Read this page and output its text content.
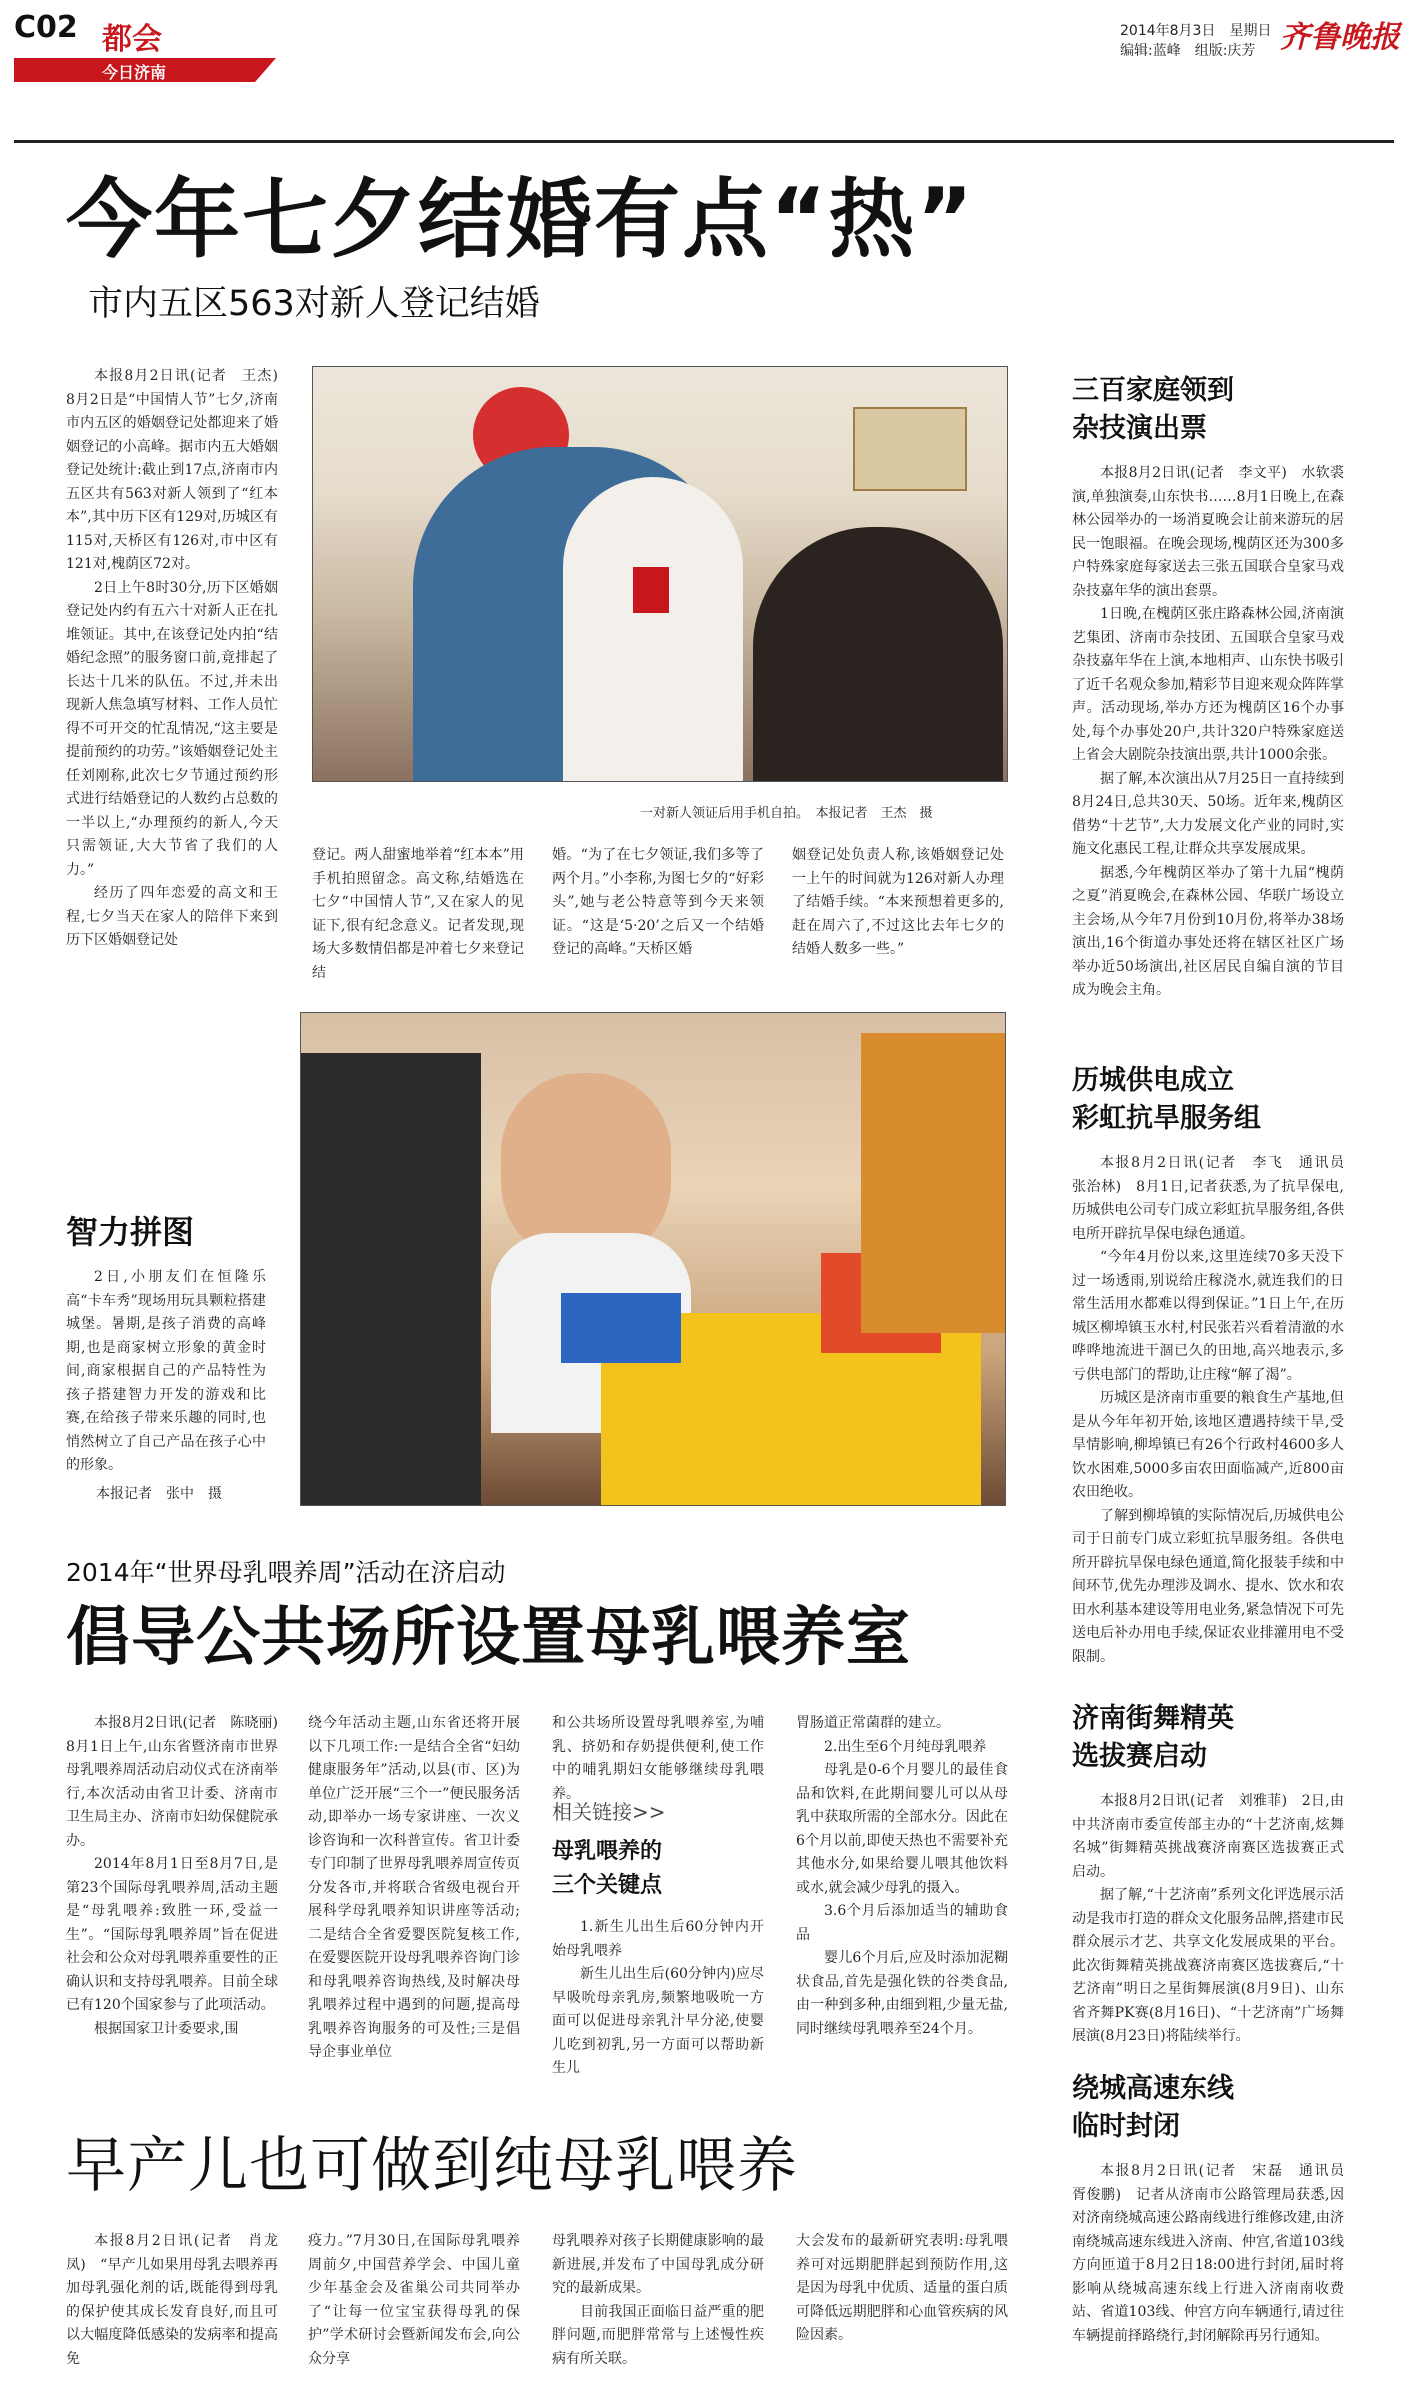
C02 都会
今日济南
2014年8月3日　星期日
编辑:蓝峰　组版:庆芳 齐鲁晚报
今年七夕结婚有点“热”
市内五区563对新人登记结婚

本报8月2日讯(记者　王杰)　8月2日是“中国情人节”七夕,济南市内五区的婚姻登记处都迎来了婚姻登记的小高峰。据市内五大婚姻登记处统计:截止到17点,济南市内五区共有563对新人领到了“红本本”,其中历下区有129对,历城区有115对,天桥区有126对,市中区有121对,槐荫区72对。

2日上午8时30分,历下区婚姻登记处内约有五六十对新人正在扎堆领证。其中,在该登记处内拍“结婚纪念照”的服务窗口前,竟排起了长达十几米的队伍。不过,并未出现新人焦急填写材料、工作人员忙得不可开交的忙乱情况,“这主要是提前预约的功劳。”该婚姻登记处主任刘刚称,此次七夕节通过预约形式进行结婚登记的人数约占总数的一半以上,“办理预约的新人,今天只需领证,大大节省了我们的人力。”

经历了四年恋爱的高文和王程,七夕当天在家人的陪伴下来到历下区婚姻登记处

一对新人领证后用手机自拍。　本报记者　王杰　摄

登记。两人甜蜜地举着“红本本”用手机拍照留念。高文称,结婚选在七夕“中国情人节”,又在家人的见证下,很有纪念意义。记者发现,现场大多数情侣都是冲着七夕来登记结

婚。“为了在七夕领证,我们多等了两个月。”小李称,为图七夕的“好彩头”,她与老公特意等到今天来领证。“这是‘5·20’之后又一个结婚登记的高峰。”天桥区婚

姻登记处负责人称,该婚姻登记处一上午的时间就为126对新人办理了结婚手续。“本来预想着更多的,赶在周六了,不过这比去年七夕的结婚人数多一些。”

智力拼图

2日,小朋友们在恒隆乐高“卡车秀”现场用玩具颗粒搭建城堡。暑期,是孩子消费的高峰期,也是商家树立形象的黄金时间,商家根据自己的产品特性为孩子搭建智力开发的游戏和比赛,在给孩子带来乐趣的同时,也悄然树立了自己产品在孩子心中的形象。

本报记者　张中　摄
2014年“世界母乳喂养周”活动在济启动
倡导公共场所设置母乳喂养室

本报8月2日讯(记者　陈晓丽)　8月1日上午,山东省暨济南市世界母乳喂养周活动启动仪式在济南举行,本次活动由省卫计委、济南市卫生局主办、济南市妇幼保健院承办。

2014年8月1日至8月7日,是第23个国际母乳喂养周,活动主题是“母乳喂养:致胜一环,受益一生”。“国际母乳喂养周”旨在促进社会和公众对母乳喂养重要性的正确认识和支持母乳喂养。目前全球已有120个国家参与了此项活动。

根据国家卫计委要求,围

绕今年活动主题,山东省还将开展以下几项工作:一是结合全省“妇幼健康服务年”活动,以县(市、区)为单位广泛开展“三个一”便民服务活动,即举办一场专家讲座、一次义诊咨询和一次科普宣传。省卫计委专门印制了世界母乳喂养周宣传页分发各市,并将联合省级电视台开展科学母乳喂养知识讲座等活动;二是结合全省爱婴医院复核工作,在爱婴医院开设母乳喂养咨询门诊和母乳喂养咨询热线,及时解决母乳喂养过程中遇到的问题,提高母乳喂养咨询服务的可及性;三是倡导企事业单位

和公共场所设置母乳喂养室,为哺乳、挤奶和存奶提供便利,使工作中的哺乳期妇女能够继续母乳喂养。

相关链接>>
母乳喂养的
三个关键点

1.新生儿出生后60分钟内开始母乳喂养

新生儿出生后(60分钟内)应尽早吸吮母亲乳房,频繁地吸吮一方面可以促进母亲乳汁早分泌,使婴儿吃到初乳,另一方面可以帮助新生儿

胃肠道正常菌群的建立。

2.出生至6个月纯母乳喂养

母乳是0-6个月婴儿的最佳食品和饮料,在此期间婴儿可以从母乳中获取所需的全部水分。因此在6个月以前,即使天热也不需要补充其他水分,如果给婴儿喂其他饮料或水,就会减少母乳的摄入。

3.6个月后添加适当的辅助食品

婴儿6个月后,应及时添加泥糊状食品,首先是强化铁的谷类食品,由一种到多种,由细到粗,少量无盐,同时继续母乳喂养至24个月。

早产儿也可做到纯母乳喂养

本报8月2日讯(记者　肖龙凤)　“早产儿如果用母乳去喂养再加母乳强化剂的话,既能得到母乳的保护使其成长发育良好,而且可以大幅度降低感染的发病率和提高免

疫力。”7月30日,在国际母乳喂养周前夕,中国营养学会、中国儿童少年基金会及雀巢公司共同举办了“让每一位宝宝获得母乳的保护”学术研讨会暨新闻发布会,向公众分享

母乳喂养对孩子长期健康影响的最新进展,并发布了中国母乳成分研究的最新成果。

目前我国正面临日益严重的肥胖问题,而肥胖常常与上述慢性疾病有所关联。

大会发布的最新研究表明:母乳喂养可对远期肥胖起到预防作用,这是因为母乳中优质、适量的蛋白质可降低远期肥胖和心血管疾病的风险因素。

三百家庭领到
杂技演出票

本报8月2日讯(记者　李文平)　水软裘演,单独演奏,山东快书……8月1日晚上,在森林公园举办的一场消夏晚会让前来游玩的居民一饱眼福。在晚会现场,槐荫区还为300多户特殊家庭每家送去三张五国联合皇家马戏杂技嘉年华的演出套票。

1日晚,在槐荫区张庄路森林公园,济南演艺集团、济南市杂技团、五国联合皇家马戏杂技嘉年华在上演,本地相声、山东快书吸引了近千名观众参加,精彩节目迎来观众阵阵掌声。活动现场,举办方还为槐荫区16个办事处,每个办事处20户,共计320户特殊家庭送上省会大剧院杂技演出票,共计1000余张。

据了解,本次演出从7月25日一直持续到8月24日,总共30天、50场。近年来,槐荫区借势“十艺节”,大力发展文化产业的同时,实施文化惠民工程,让群众共享发展成果。

据悉,今年槐荫区举办了第十九届“槐荫之夏”消夏晚会,在森林公园、华联广场设立主会场,从今年7月份到10月份,将举办38场演出,16个街道办事处还将在辖区社区广场举办近50场演出,社区居民自编自演的节目成为晚会主角。

历城供电成立
彩虹抗旱服务组

本报8月2日讯(记者　李飞　通讯员　张治林)　8月1日,记者获悉,为了抗旱保电,历城供电公司专门成立彩虹抗旱服务组,各供电所开辟抗旱保电绿色通道。

“今年4月份以来,这里连续70多天没下过一场透雨,别说给庄稼浇水,就连我们的日常生活用水都难以得到保证。”1日上午,在历城区柳埠镇玉水村,村民张若兴看着清澈的水哗哗地流进干涸已久的田地,高兴地表示,多亏供电部门的帮助,让庄稼“解了渴”。

历城区是济南市重要的粮食生产基地,但是从今年年初开始,该地区遭遇持续干旱,受旱情影响,柳埠镇已有26个行政村4600多人饮水困难,5000多亩农田面临减产,近800亩农田绝收。

了解到柳埠镇的实际情况后,历城供电公司于日前专门成立彩虹抗旱服务组。各供电所开辟抗旱保电绿色通道,简化报装手续和中间环节,优先办理涉及调水、提水、饮水和农田水利基本建设等用电业务,紧急情况下可先送电后补办用电手续,保证农业排灌用电不受限制。

济南街舞精英
选拔赛启动

本报8月2日讯(记者　刘雅菲)　2日,由中共济南市委宣传部主办的“十艺济南,炫舞名城”街舞精英挑战赛济南赛区选拔赛正式启动。

据了解,“十艺济南”系列文化评选展示活动是我市打造的群众文化服务品牌,搭建市民群众展示才艺、共享文化发展成果的平台。此次街舞精英挑战赛济南赛区选拔赛后,“十艺济南”明日之星街舞展演(8月9日)、山东省齐舞PK赛(8月16日)、“十艺济南”广场舞展演(8月23日)将陆续举行。

绕城高速东线
临时封闭

本报8月2日讯(记者　宋磊　通讯员　胥俊鹏)　记者从济南市公路管理局获悉,因对济南绕城高速公路南线进行维修改建,由济南绕城高速东线进入济南、仲宫,省道103线方向匝道于8月2日18:00进行封闭,届时将影响从绕城高速东线上行进入济南南收费站、省道103线、仲宫方向车辆通行,请过往车辆提前择路绕行,封闭解除再另行通知。
